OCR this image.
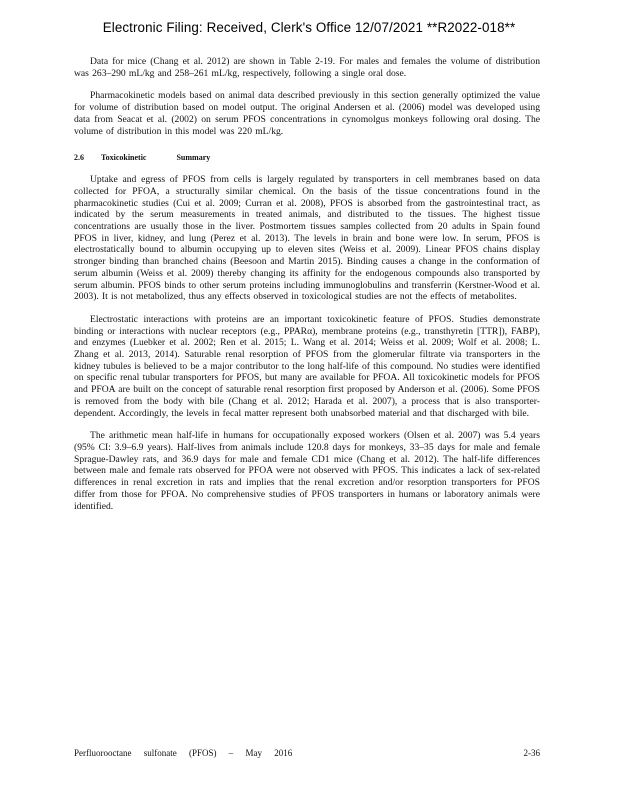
Electronic Filing: Received, Clerk's Office 12/07/2021 **R2022-018**

Data for mice (Chang et al. 2012) are shown in Table 2-19. For males and females the volume of distribution was 263–290 mL/kg and 258–261 mL/kg, respectively, following a single oral dose.

Pharmacokinetic models based on animal data described previously in this section generally optimized the value for volume of distribution based on model output. The original Andersen et al. (2006) model was developed using data from Seacat et al. (2002) on serum PFOS concentrations in cynomolgus monkeys following oral dosing. The volume of distribution in this model was 220 mL/kg.

2.6 Toxicokinetic Summary

Uptake and egress of PFOS from cells is largely regulated by transporters in cell membranes based on data collected for PFOA, a structurally similar chemical. On the basis of the tissue concentrations found in the pharmacokinetic studies (Cui et al. 2009; Curran et al. 2008), PFOS is absorbed from the gastrointestinal tract, as indicated by the serum measurements in treated animals, and distributed to the tissues. The highest tissue concentrations are usually those in the liver. Postmortem tissues samples collected from 20 adults in Spain found PFOS in liver, kidney, and lung (Perez et al. 2013). The levels in brain and bone were low. In serum, PFOS is electrostatically bound to albumin occupying up to eleven sites (Weiss et al. 2009). Linear PFOS chains display stronger binding than branched chains (Beesoon and Martin 2015). Binding causes a change in the conformation of serum albumin (Weiss et al. 2009) thereby changing its affinity for the endogenous compounds also transported by serum albumin. PFOS binds to other serum proteins including immunoglobulins and transferrin (Kerstner-Wood et al. 2003). It is not metabolized, thus any effects observed in toxicological studies are not the effects of metabolites.

Electrostatic interactions with proteins are an important toxicokinetic feature of PFOS. Studies demonstrate binding or interactions with nuclear receptors (e.g., PPARα), membrane proteins (e.g., transthyretin [TTR]), FABP), and enzymes (Luebker et al. 2002; Ren et al. 2015; L. Wang et al. 2014; Weiss et al. 2009; Wolf et al. 2008; L. Zhang et al. 2013, 2014). Saturable renal resorption of PFOS from the glomerular filtrate via transporters in the kidney tubules is believed to be a major contributor to the long half-life of this compound. No studies were identified on specific renal tubular transporters for PFOS, but many are available for PFOA. All toxicokinetic models for PFOS and PFOA are built on the concept of saturable renal resorption first proposed by Anderson et al. (2006). Some PFOS is removed from the body with bile (Chang et al. 2012; Harada et al. 2007), a process that is also transporter-dependent. Accordingly, the levels in fecal matter represent both unabsorbed material and that discharged with bile.

The arithmetic mean half-life in humans for occupationally exposed workers (Olsen et al. 2007) was 5.4 years (95% CI: 3.9–6.9 years). Half-lives from animals include 120.8 days for monkeys, 33–35 days for male and female Sprague-Dawley rats, and 36.9 days for male and female CD1 mice (Chang et al. 2012). The half-life differences between male and female rats observed for PFOA were not observed with PFOS. This indicates a lack of sex-related differences in renal excretion in rats and implies that the renal excretion and/or resorption transporters for PFOS differ from those for PFOA. No comprehensive studies of PFOS transporters in humans or laboratory animals were identified.

Perfluorooctane sulfonate (PFOS) – May 2016	2-36
